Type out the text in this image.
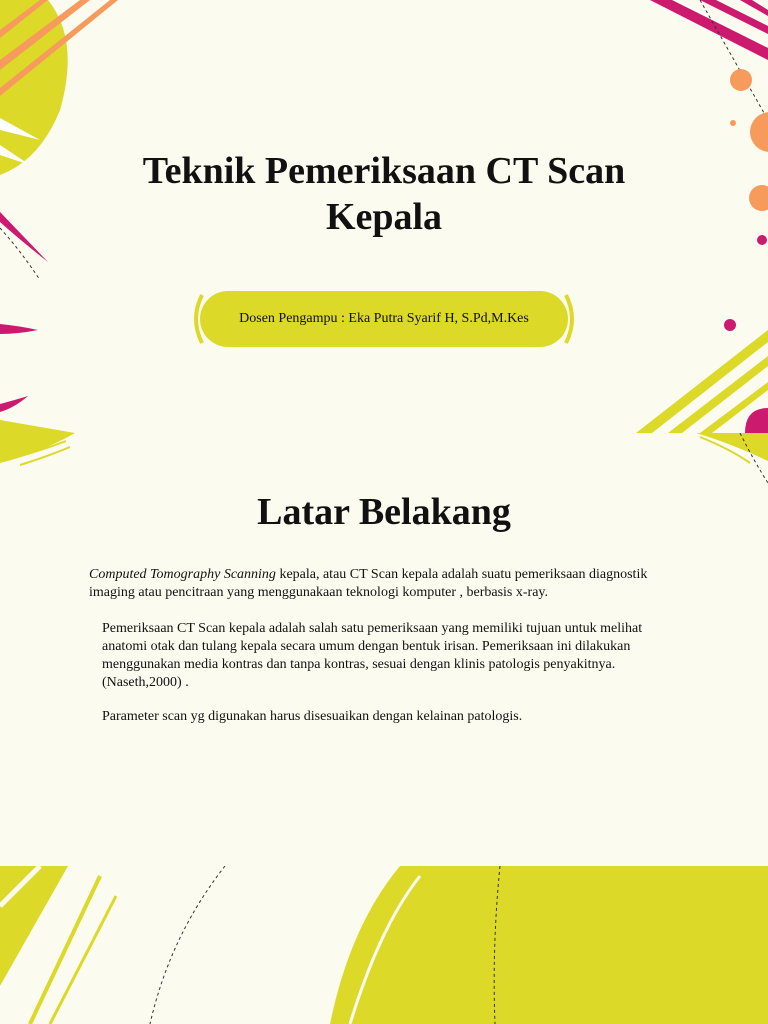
Teknik Pemeriksaan CT Scan Kepala
Dosen Pengampu : Eka Putra Syarif H, S.Pd,M.Kes
Latar Belakang

Computed Tomography Scanning kepala, atau CT Scan kepala adalah suatu pemeriksaan diagnostik imaging atau pencitraan yang menggunakaan teknologi komputer , berbasis x-ray.

Pemeriksaan CT Scan kepala adalah salah satu pemeriksaan yang memiliki tujuan untuk melihat anatomi otak dan tulang kepala secara umum dengan bentuk irisan. Pemeriksaan ini dilakukan menggunakan media kontras dan tanpa kontras, sesuai dengan klinis patologis penyakitnya. (Naseth,2000) .

Parameter scan yg digunakan harus disesuaikan dengan kelainan patologis.
